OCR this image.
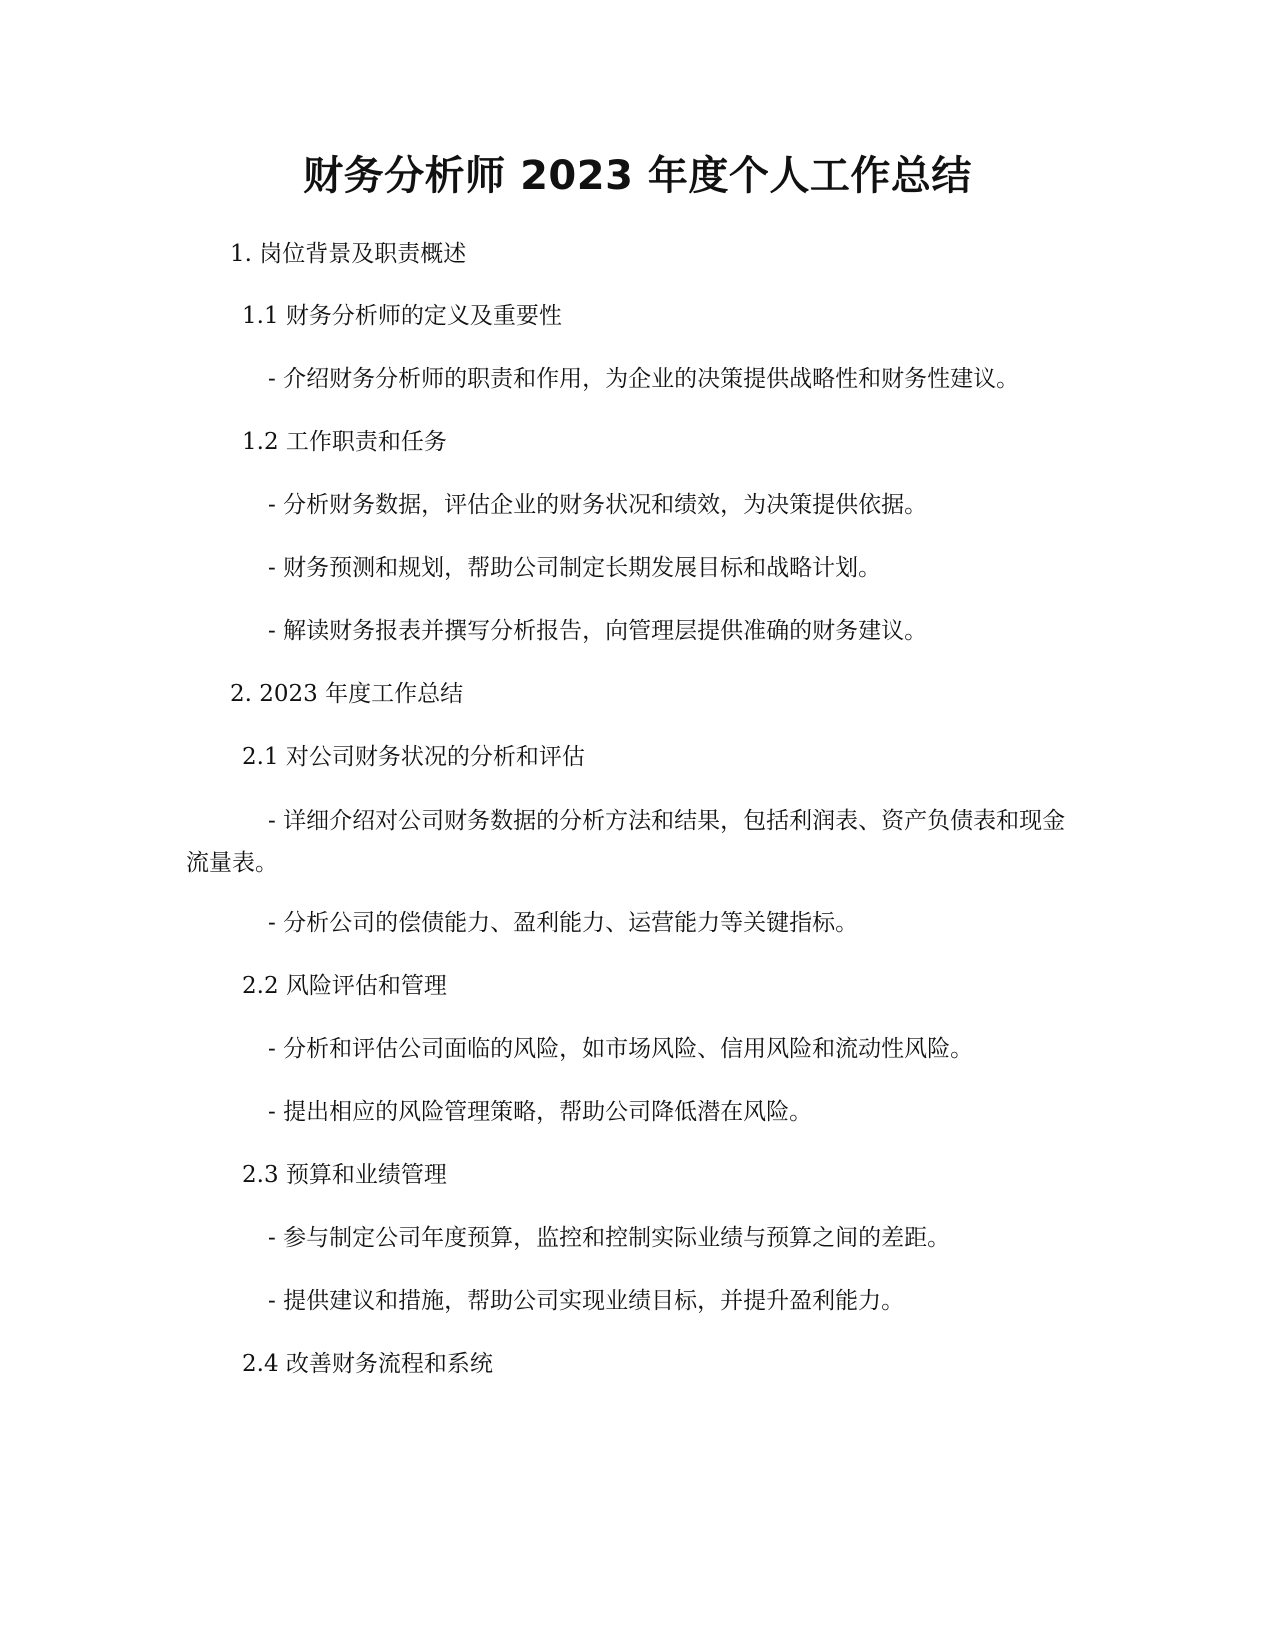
财务分析师 2023 年度个人工作总结
1. 岗位背景及职责概述
1.1 财务分析师的定义及重要性
- 介绍财务分析师的职责和作用，为企业的决策提供战略性和财务性建议。
1.2 工作职责和任务
- 分析财务数据，评估企业的财务状况和绩效，为决策提供依据。
- 财务预测和规划，帮助公司制定长期发展目标和战略计划。
- 解读财务报表并撰写分析报告，向管理层提供准确的财务建议。
2. 2023 年度工作总结
2.1 对公司财务状况的分析和评估
- 详细介绍对公司财务数据的分析方法和结果，包括利润表、资产负债表和现金流量表。
- 分析公司的偿债能力、盈利能力、运营能力等关键指标。
2.2 风险评估和管理
- 分析和评估公司面临的风险，如市场风险、信用风险和流动性风险。
- 提出相应的风险管理策略，帮助公司降低潜在风险。
2.3 预算和业绩管理
- 参与制定公司年度预算，监控和控制实际业绩与预算之间的差距。
- 提供建议和措施，帮助公司实现业绩目标，并提升盈利能力。
2.4 改善财务流程和系统
